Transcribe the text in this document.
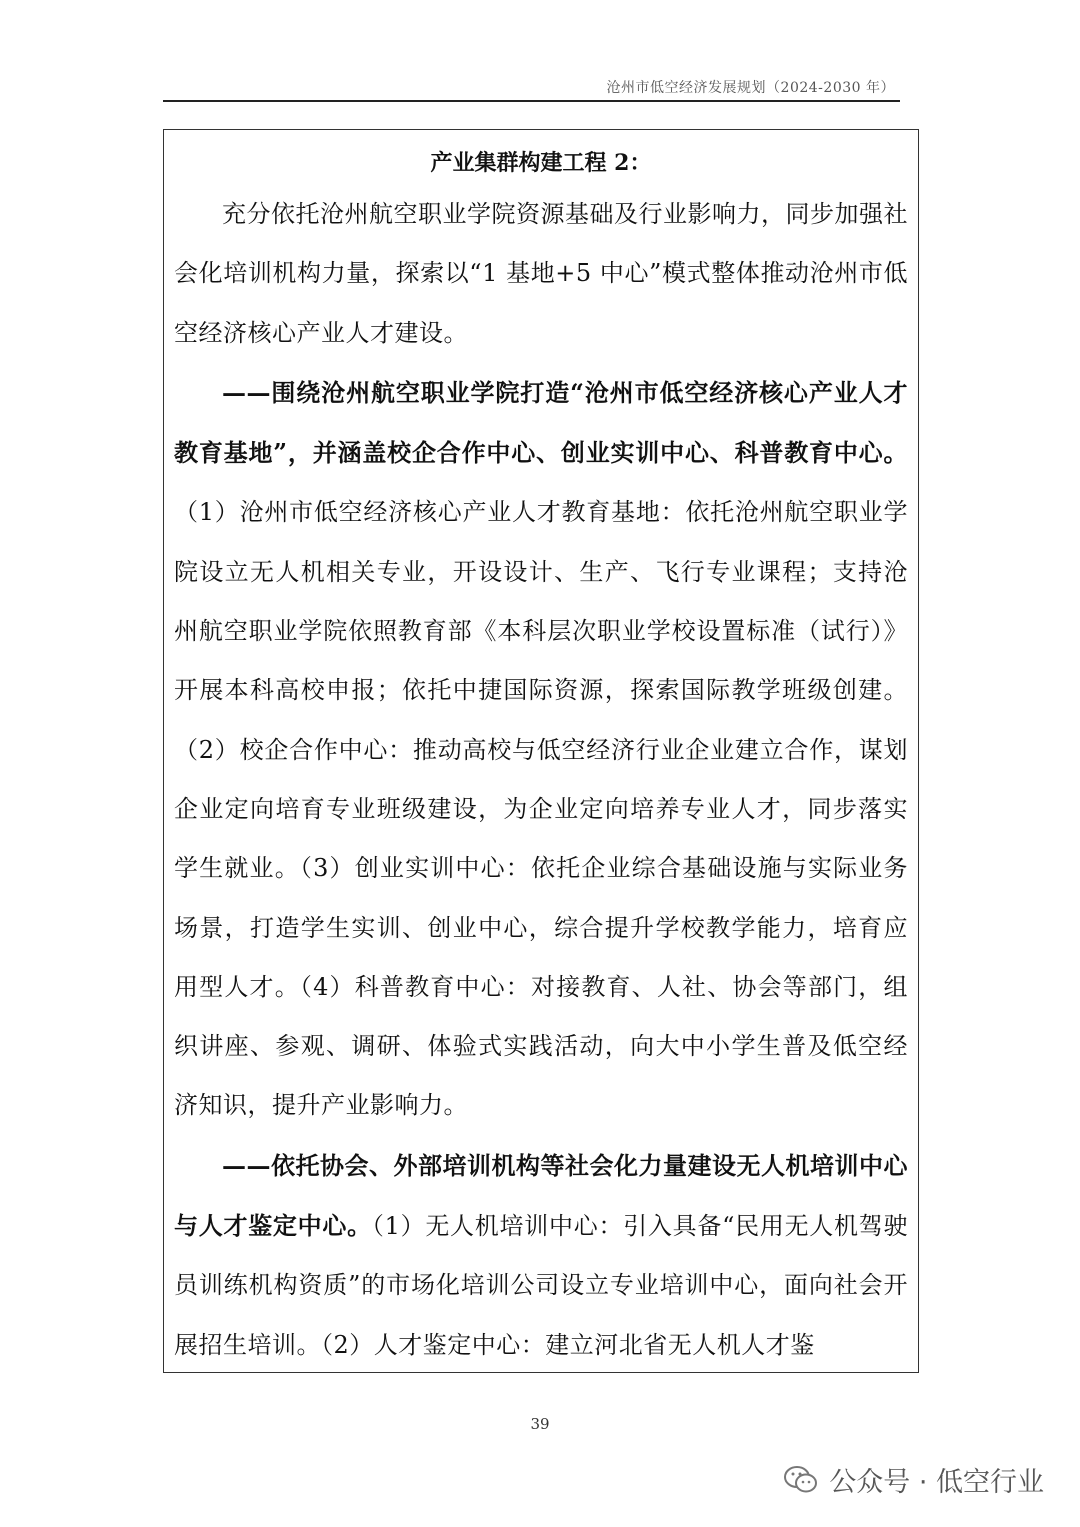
沧州市低空经济发展规划（2024-2030 年）
产业集群构建工程 2：

充分依托沧州航空职业学院资源基础及行业影响力，同步加强社会化培训机构力量，探索以“1 基地+5 中心”模式整体推动沧州市低空经济核心产业人才建设。

——围绕沧州航空职业学院打造“沧州市低空经济核心产业人才教育基地”，并涵盖校企合作中心、创业实训中心、科普教育中心。（1）沧州市低空经济核心产业人才教育基地：依托沧州航空职业学院设立无人机相关专业，开设设计、生产、飞行专业课程；支持沧州航空职业学院依照教育部《本科层次职业学校设置标准（试行）》开展本科高校申报；依托中捷国际资源，探索国际教学班级创建。（2）校企合作中心：推动高校与低空经济行业企业建立合作，谋划企业定向培育专业班级建设，为企业定向培养专业人才，同步落实学生就业。（3）创业实训中心：依托企业综合基础设施与实际业务场景，打造学生实训、创业中心，综合提升学校教学能力，培育应用型人才。（4）科普教育中心：对接教育、人社、协会等部门，组织讲座、参观、调研、体验式实践活动，向大中小学生普及低空经济知识，提升产业影响力。

——依托协会、外部培训机构等社会化力量建设无人机培训中心与人才鉴定中心。（1）无人机培训中心：引入具备“民用无人机驾驶员训练机构资质”的市场化培训公司设立专业培训中心，面向社会开展招生培训。（2）人才鉴定中心：建立河北省无人机人才鉴

39
公众号 · 低空行业
